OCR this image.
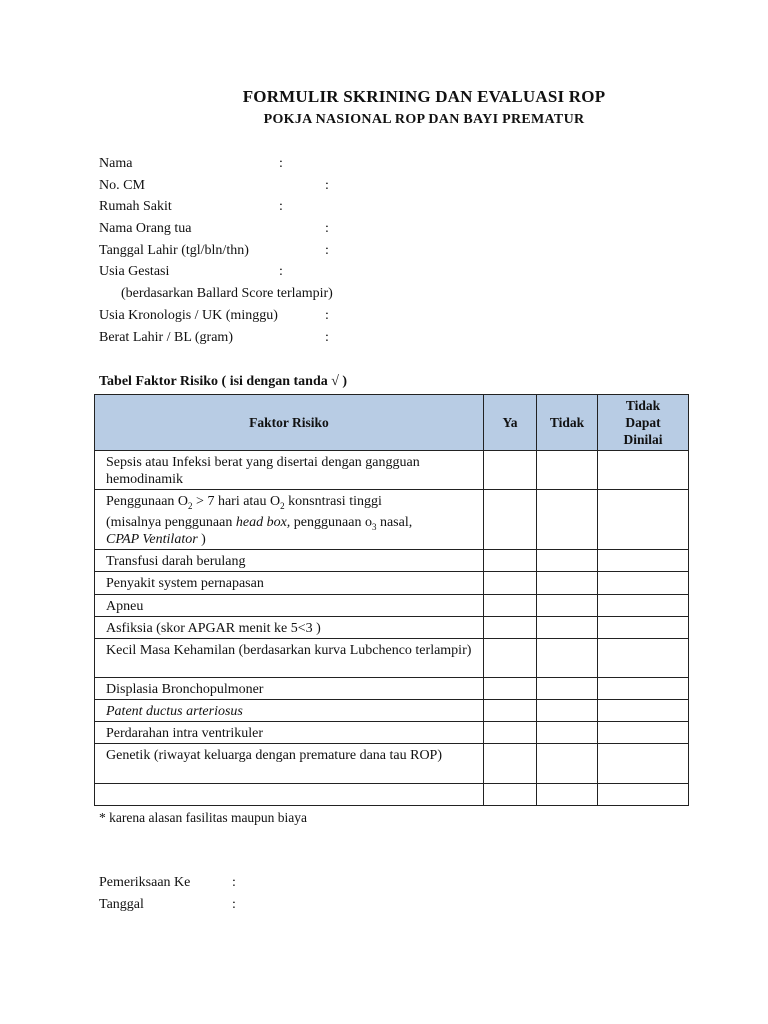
FORMULIR SKRINING DAN EVALUASI ROP
POKJA NASIONAL ROP DAN BAYI PREMATUR
Nama	:
No. CM	:
Rumah Sakit	:
Nama Orang tua	:
Tanggal Lahir (tgl/bln/thn)	:
Usia Gestasi	:
(berdasarkan Ballard Score terlampir)
Usia Kronologis / UK (minggu)	:
Berat Lahir / BL (gram)	:
Tabel Faktor Risiko ( isi dengan tanda √ )
Faktor Risiko	Ya	Tidak	Tidak
Dapat
Dinilai

Sepsis atau Infeksi berat yang disertai dengan gangguan hemodinamik			

Penggunaan $O_2 > 7$ hari atau $O_2$ konsntrasi tinggi
(misalnya penggunaan head box, penggunaan $o_3$ nasal,
CPAP Ventilator )			

Transfusi darah berulang			
Penyakit system pernapasan			
Apneu			
Asfiksia (skor APGAR menit ke 5<3 )			
Kecil Masa Kehamilan (berdasarkan kurva Lubchenco terlampir)			
Displasia Bronchopulmoner			
Patent ductus arteriosus			
Perdarahan intra ventrikuler			
Genetik (riwayat keluarga dengan premature dana tau ROP)			

* karena alasan fasilitas maupun biaya
Pemeriksaan Ke	:
Tanggal	:
